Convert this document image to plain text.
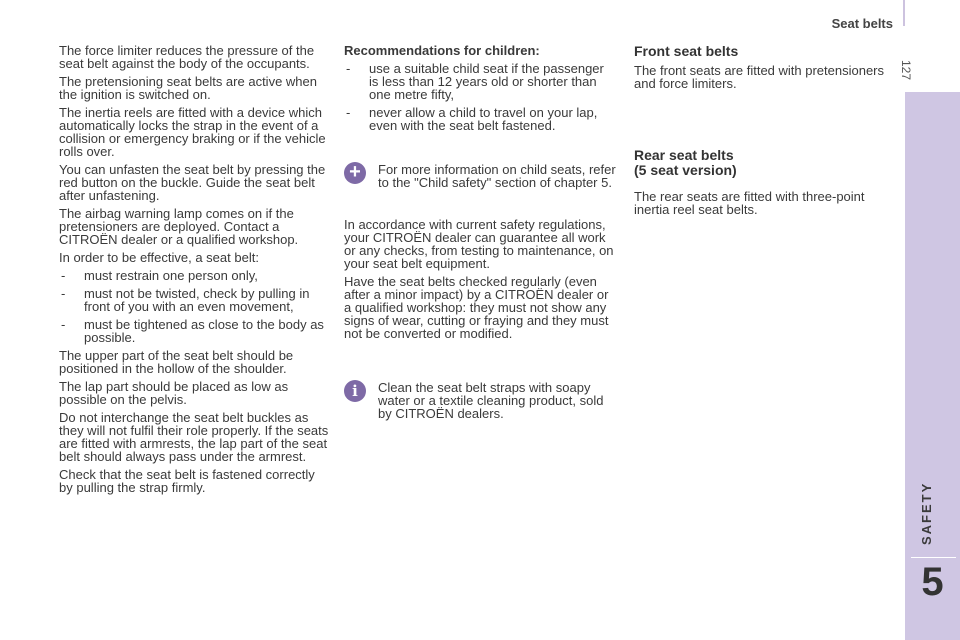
Seat belts
127
SAFETY
5

The force limiter reduces the pressure of the seat belt against the body of the occupants.

The pretensioning seat belts are active when the ignition is switched on.

The inertia reels are fitted with a device which automatically locks the strap in the event of a collision or emergency braking or if the vehicle rolls over.

You can unfasten the seat belt by pressing the red button on the buckle. Guide the seat belt after unfastening.

The airbag warning lamp comes on if the pretensioners are deployed. Contact a CITROËN dealer or a qualified workshop.

In order to be effective, a seat belt:

- must restrain one person only,
- must not be twisted, check by pulling in front of you with an even movement,
- must be tightened as close to the body as possible.

The upper part of the seat belt should be positioned in the hollow of the shoulder.

The lap part should be placed as low as possible on the pelvis.

Do not interchange the seat belt buckles as they will not fulfil their role properly. If the seats are fitted with armrests, the lap part of the seat belt should always pass under the armrest.

Check that the seat belt is fastened correctly by pulling the strap firmly.

Recommendations for children:

- use a suitable child seat if the passenger is less than 12 years old or shorter than one metre fifty,
- never allow a child to travel on your lap, even with the seat belt fastened.
+	For more information on child seats, refer to the "Child safety" section of chapter 5.

In accordance with current safety regulations, your CITROËN dealer can guarantee all work or any checks, from testing to maintenance, on your seat belt equipment.

Have the seat belts checked regularly (even after a minor impact) by a CITROËN dealer or a qualified workshop: they must not show any signs of wear, cutting or fraying and they must not be converted or modified.

i	Clean the seat belt straps with soapy water or a textile cleaning product, sold by CITROËN dealers.

Front seat belts

The front seats are fitted with pretensioners and force limiters.

Rear seat belts
(5 seat version)

The rear seats are fitted with three-point inertia reel seat belts.
